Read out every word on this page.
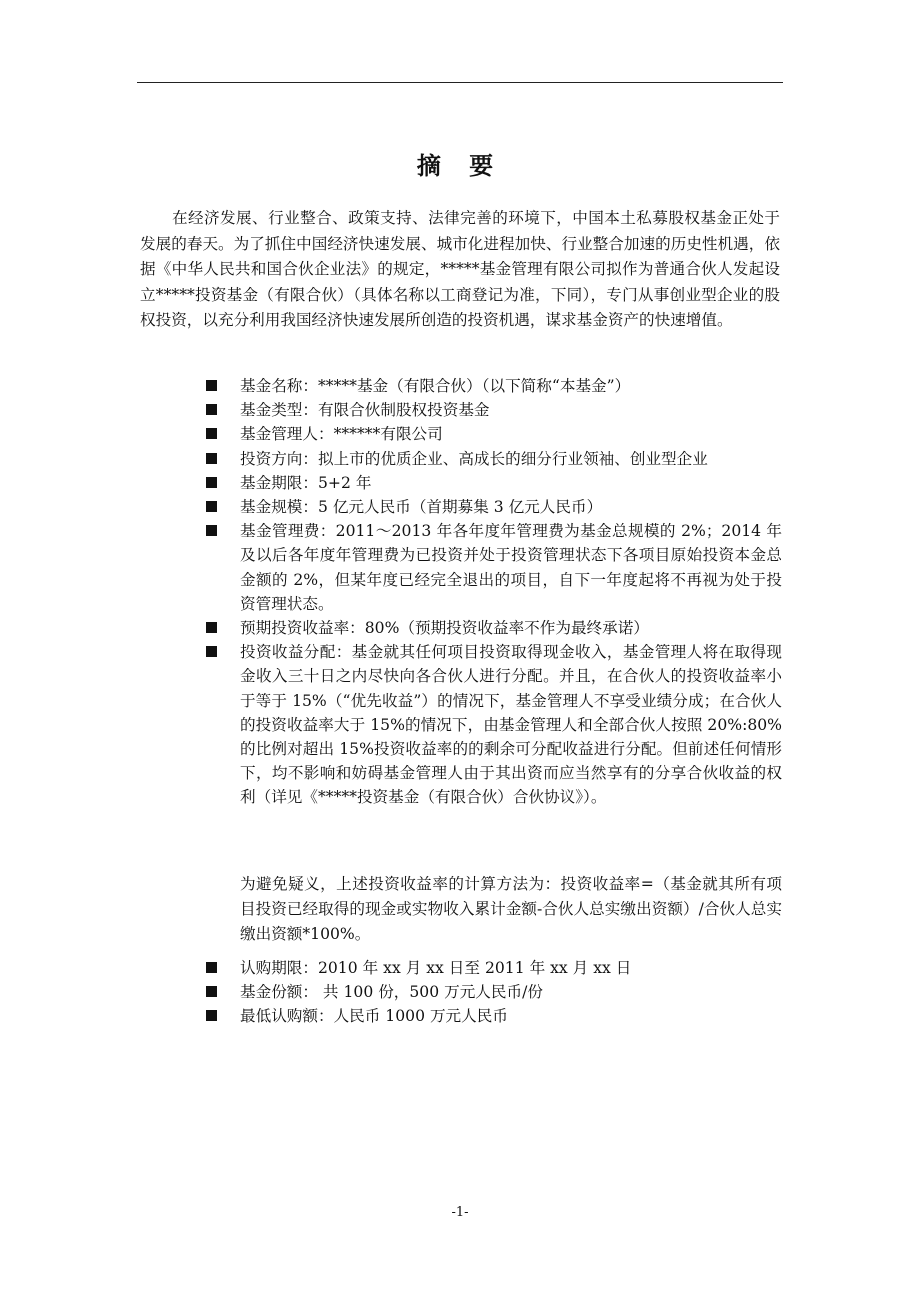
摘 要

在经济发展、行业整合、政策支持、法律完善的环境下，中国本土私募股权基金正处于发展的春天。为了抓住中国经济快速发展、城市化进程加快、行业整合加速的历史性机遇，依据《中华人民共和国合伙企业法》的规定，*****基金管理有限公司拟作为普通合伙人发起设立*****投资基金（有限合伙）（具体名称以工商登记为准，下同），专门从事创业型企业的股权投资，以充分利用我国经济快速发展所创造的投资机遇，谋求基金资产的快速增值。

基金名称：*****基金（有限合伙）（以下简称“本基金”）
基金类型：有限合伙制股权投资基金
基金管理人：******有限公司
投资方向：拟上市的优质企业、高成长的细分行业领袖、创业型企业
基金期限：5+2 年
基金规模：5 亿元人民币（首期募集 3 亿元人民币）
基金管理费：2011～2013 年各年度年管理费为基金总规模的 2%；2014 年及以后各年度年管理费为已投资并处于投资管理状态下各项目原始投资本金总金额的 2%，但某年度已经完全退出的项目，自下一年度起将不再视为处于投资管理状态。
预期投资收益率：80%（预期投资收益率不作为最终承诺）
投资收益分配：基金就其任何项目投资取得现金收入，基金管理人将在取得现金收入三十日之内尽快向各合伙人进行分配。并且，在合伙人的投资收益率小于等于 15%（“优先收益”）的情况下，基金管理人不享受业绩分成；在合伙人的投资收益率大于 15%的情况下，由基金管理人和全部合伙人按照 20%:80%的比例对超出 15%投资收益率的的剩余可分配收益进行分配。但前述任何情形下，均不影响和妨碍基金管理人由于其出资而应当然享有的分享合伙收益的权利（详见《*****投资基金（有限合伙）合伙协议》）。

为避免疑义，上述投资收益率的计算方法为：投资收益率=（基金就其所有项目投资已经取得的现金或实物收入累计金额-合伙人总实缴出资额）/合伙人总实缴出资额*100%。

认购期限：2010 年 xx 月 xx 日至 2011 年 xx 月 xx 日
基金份额： 共 100 份，500 万元人民币/份
最低认购额：人民币 1000 万元人民币
-1-
